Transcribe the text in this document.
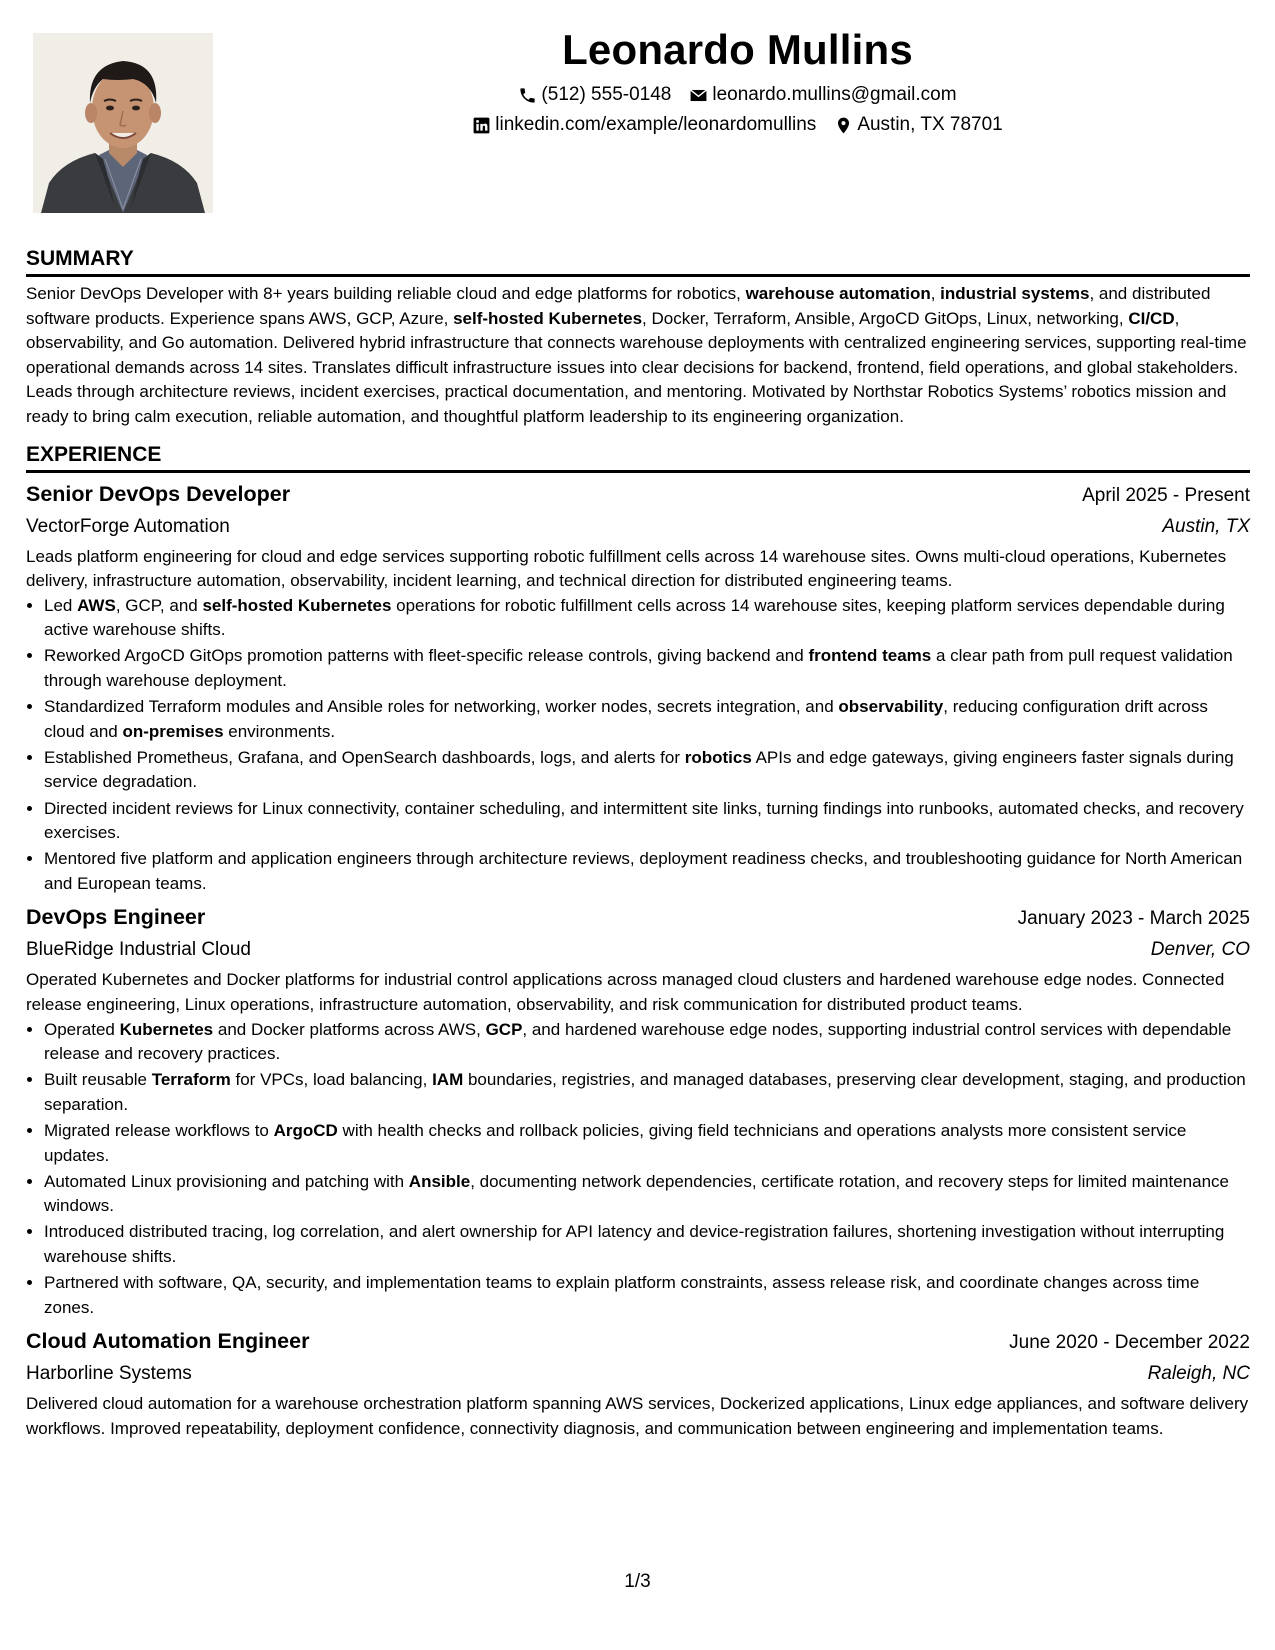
Leonardo Mullins
(512) 555-0148 leonardo.mullins@gmail.com
linkedin.com/example/leonardomullins Austin, TX 78701
SUMMARY
Senior DevOps Developer with 8+ years building reliable cloud and edge platforms for robotics, warehouse automation, industrial systems, and distributed software products. Experience spans AWS, GCP, Azure, self-hosted Kubernetes, Docker, Terraform, Ansible, ArgoCD GitOps, Linux, networking, CI/CD, observability, and Go automation. Delivered hybrid infrastructure that connects warehouse deployments with centralized engineering services, supporting real-time operational demands across 14 sites. Translates difficult infrastructure issues into clear decisions for backend, frontend, field operations, and global stakeholders. Leads through architecture reviews, incident exercises, practical documentation, and mentoring. Motivated by Northstar Robotics Systems’ robotics mission and ready to bring calm execution, reliable automation, and thoughtful platform leadership to its engineering organization.
EXPERIENCE
Senior DevOps Developer	April 2025 - Present
VectorForge Automation	Austin, TX
Leads platform engineering for cloud and edge services supporting robotic fulfillment cells across 14 warehouse sites. Owns multi-cloud operations, Kubernetes delivery, infrastructure automation, observability, incident learning, and technical direction for distributed engineering teams.
• Led AWS, GCP, and self-hosted Kubernetes operations for robotic fulfillment cells across 14 warehouse sites, keeping platform services dependable during active warehouse shifts.
• Reworked ArgoCD GitOps promotion patterns with fleet-specific release controls, giving backend and frontend teams a clear path from pull request validation through warehouse deployment.
• Standardized Terraform modules and Ansible roles for networking, worker nodes, secrets integration, and observability, reducing configuration drift across cloud and on-premises environments.
• Established Prometheus, Grafana, and OpenSearch dashboards, logs, and alerts for robotics APIs and edge gateways, giving engineers faster signals during service degradation.
• Directed incident reviews for Linux connectivity, container scheduling, and intermittent site links, turning findings into runbooks, automated checks, and recovery exercises.
• Mentored five platform and application engineers through architecture reviews, deployment readiness checks, and troubleshooting guidance for North American and European teams.
DevOps Engineer	January 2023 - March 2025
BlueRidge Industrial Cloud	Denver, CO
Operated Kubernetes and Docker platforms for industrial control applications across managed cloud clusters and hardened warehouse edge nodes. Connected release engineering, Linux operations, infrastructure automation, observability, and risk communication for distributed product teams.
• Operated Kubernetes and Docker platforms across AWS, GCP, and hardened warehouse edge nodes, supporting industrial control services with dependable release and recovery practices.
• Built reusable Terraform for VPCs, load balancing, IAM boundaries, registries, and managed databases, preserving clear development, staging, and production separation.
• Migrated release workflows to ArgoCD with health checks and rollback policies, giving field technicians and operations analysts more consistent service updates.
• Automated Linux provisioning and patching with Ansible, documenting network dependencies, certificate rotation, and recovery steps for limited maintenance windows.
• Introduced distributed tracing, log correlation, and alert ownership for API latency and device-registration failures, shortening investigation without interrupting warehouse shifts.
• Partnered with software, QA, security, and implementation teams to explain platform constraints, assess release risk, and coordinate changes across time zones.
Cloud Automation Engineer	June 2020 - December 2022
Harborline Systems	Raleigh, NC
Delivered cloud automation for a warehouse orchestration platform spanning AWS services, Dockerized applications, Linux edge appliances, and software delivery workflows. Improved repeatability, deployment confidence, connectivity diagnosis, and communication between engineering and implementation teams.
1/3
